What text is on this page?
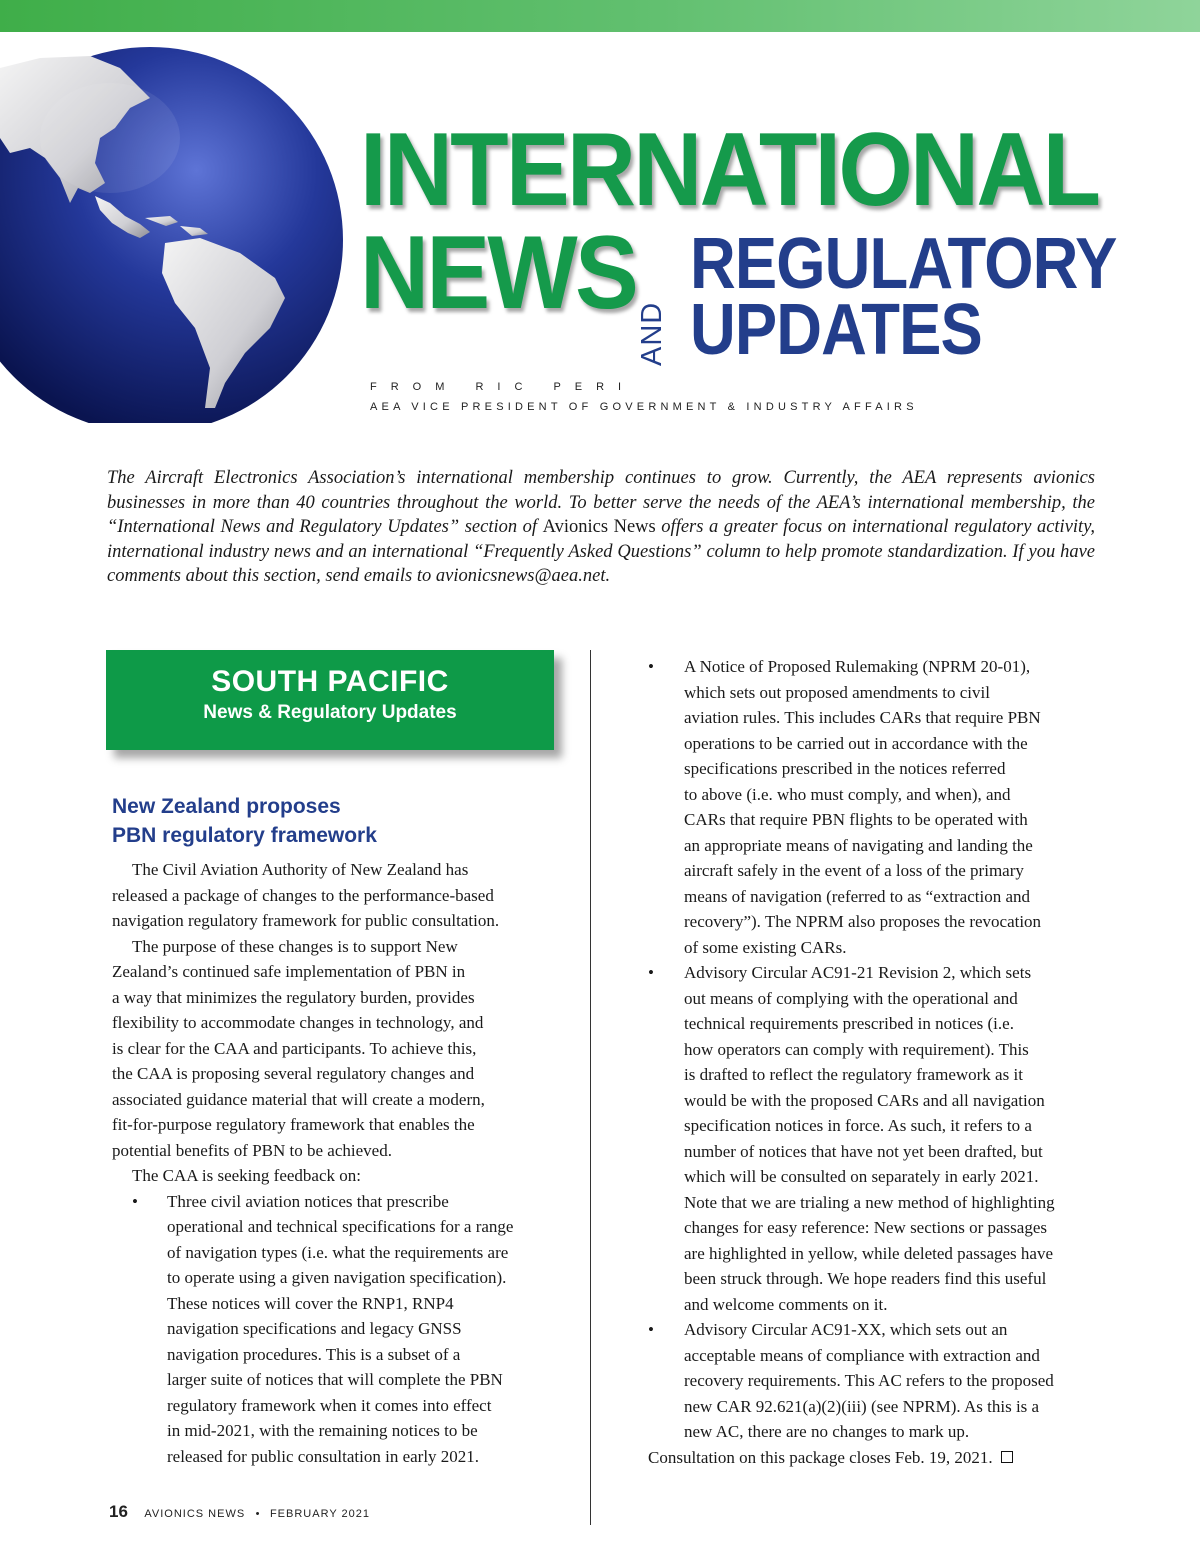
INTERNATIONAL
NEWS
AND
REGULATORY
UPDATES
FROM RIC PERI
AEA VICE PRESIDENT OF GOVERNMENT & INDUSTRY AFFAIRS

The Aircraft Electronics Association’s international membership continues to grow. Currently, the AEA represents avionics businesses in more than 40 countries throughout the world. To better serve the needs of the AEA’s international membership, the “International News and Regulatory Updates” section of Avionics News offers a greater focus on international regulatory activity, international industry news and an international “Frequently Asked Questions” column to help promote standardization. If you have comments about this section, send emails to avionicsnews@aea.net.

SOUTH PACIFIC
News & Regulatory Updates
New Zealand proposes
PBN regulatory framework
The Civil Aviation Authority of New Zealand has
released a package of changes to the performance-based
navigation regulatory framework for public consultation.
The purpose of these changes is to support New
Zealand’s continued safe implementation of PBN in
a way that minimizes the regulatory burden, provides
flexibility to accommodate changes in technology, and
is clear for the CAA and participants. To achieve this,
the CAA is proposing several regulatory changes and
associated guidance material that will create a modern,
fit-for-purpose regulatory framework that enables the
potential benefits of PBN to be achieved.
The CAA is seeking feedback on:
• Three civil aviation notices that prescribe
operational and technical specifications for a range
of navigation types (i.e. what the requirements are
to operate using a given navigation specification).
These notices will cover the RNP1, RNP4
navigation specifications and legacy GNSS
navigation procedures. This is a subset of a
larger suite of notices that will complete the PBN
regulatory framework when it comes into effect
in mid-2021, with the remaining notices to be
released for public consultation in early 2021.
• A Notice of Proposed Rulemaking (NPRM 20-01),
which sets out proposed amendments to civil
aviation rules. This includes CARs that require PBN
operations to be carried out in accordance with the
specifications prescribed in the notices referred
to above (i.e. who must comply, and when), and
CARs that require PBN flights to be operated with
an appropriate means of navigating and landing the
aircraft safely in the event of a loss of the primary
means of navigation (referred to as “extraction and
recovery”). The NPRM also proposes the revocation
of some existing CARs.
• Advisory Circular AC91-21 Revision 2, which sets
out means of complying with the operational and
technical requirements prescribed in notices (i.e.
how operators can comply with requirement). This
is drafted to reflect the regulatory framework as it
would be with the proposed CARs and all navigation
specification notices in force. As such, it refers to a
number of notices that have not yet been drafted, but
which will be consulted on separately in early 2021.
Note that we are trialing a new method of highlighting
changes for easy reference: New sections or passages
are highlighted in yellow, while deleted passages have
been struck through. We hope readers find this useful
and welcome comments on it.
• Advisory Circular AC91-XX, which sets out an
acceptable means of compliance with extraction and
recovery requirements. This AC refers to the proposed
new CAR 92.621(a)(2)(iii) (see NPRM). As this is a
new AC, there are no changes to mark up.
Consultation on this package closes Feb. 19, 2021.
16 AVIONICS NEWS • FEBRUARY 2021
